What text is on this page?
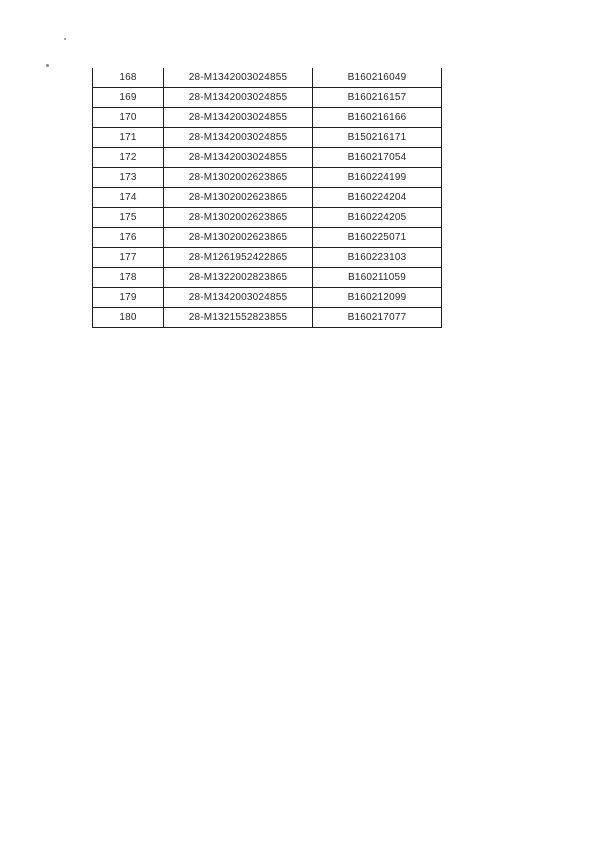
168	28-M1342003024855	B160216049
169	28-M1342003024855	B160216157
170	28-M1342003024855	B160216166
171	28-M1342003024855	B150216171
172	28-M1342003024855	B160217054
173	28-M1302002623865	B160224199
174	28-M1302002623865	B160224204
175	28-M1302002623865	B160224205
176	28-M1302002623865	B160225071
177	28-M1261952422865	B160223103
178	28-M1322002823865	B160211059
179	28-M1342003024855	B160212099
180	28-M1321552823855	B160217077
